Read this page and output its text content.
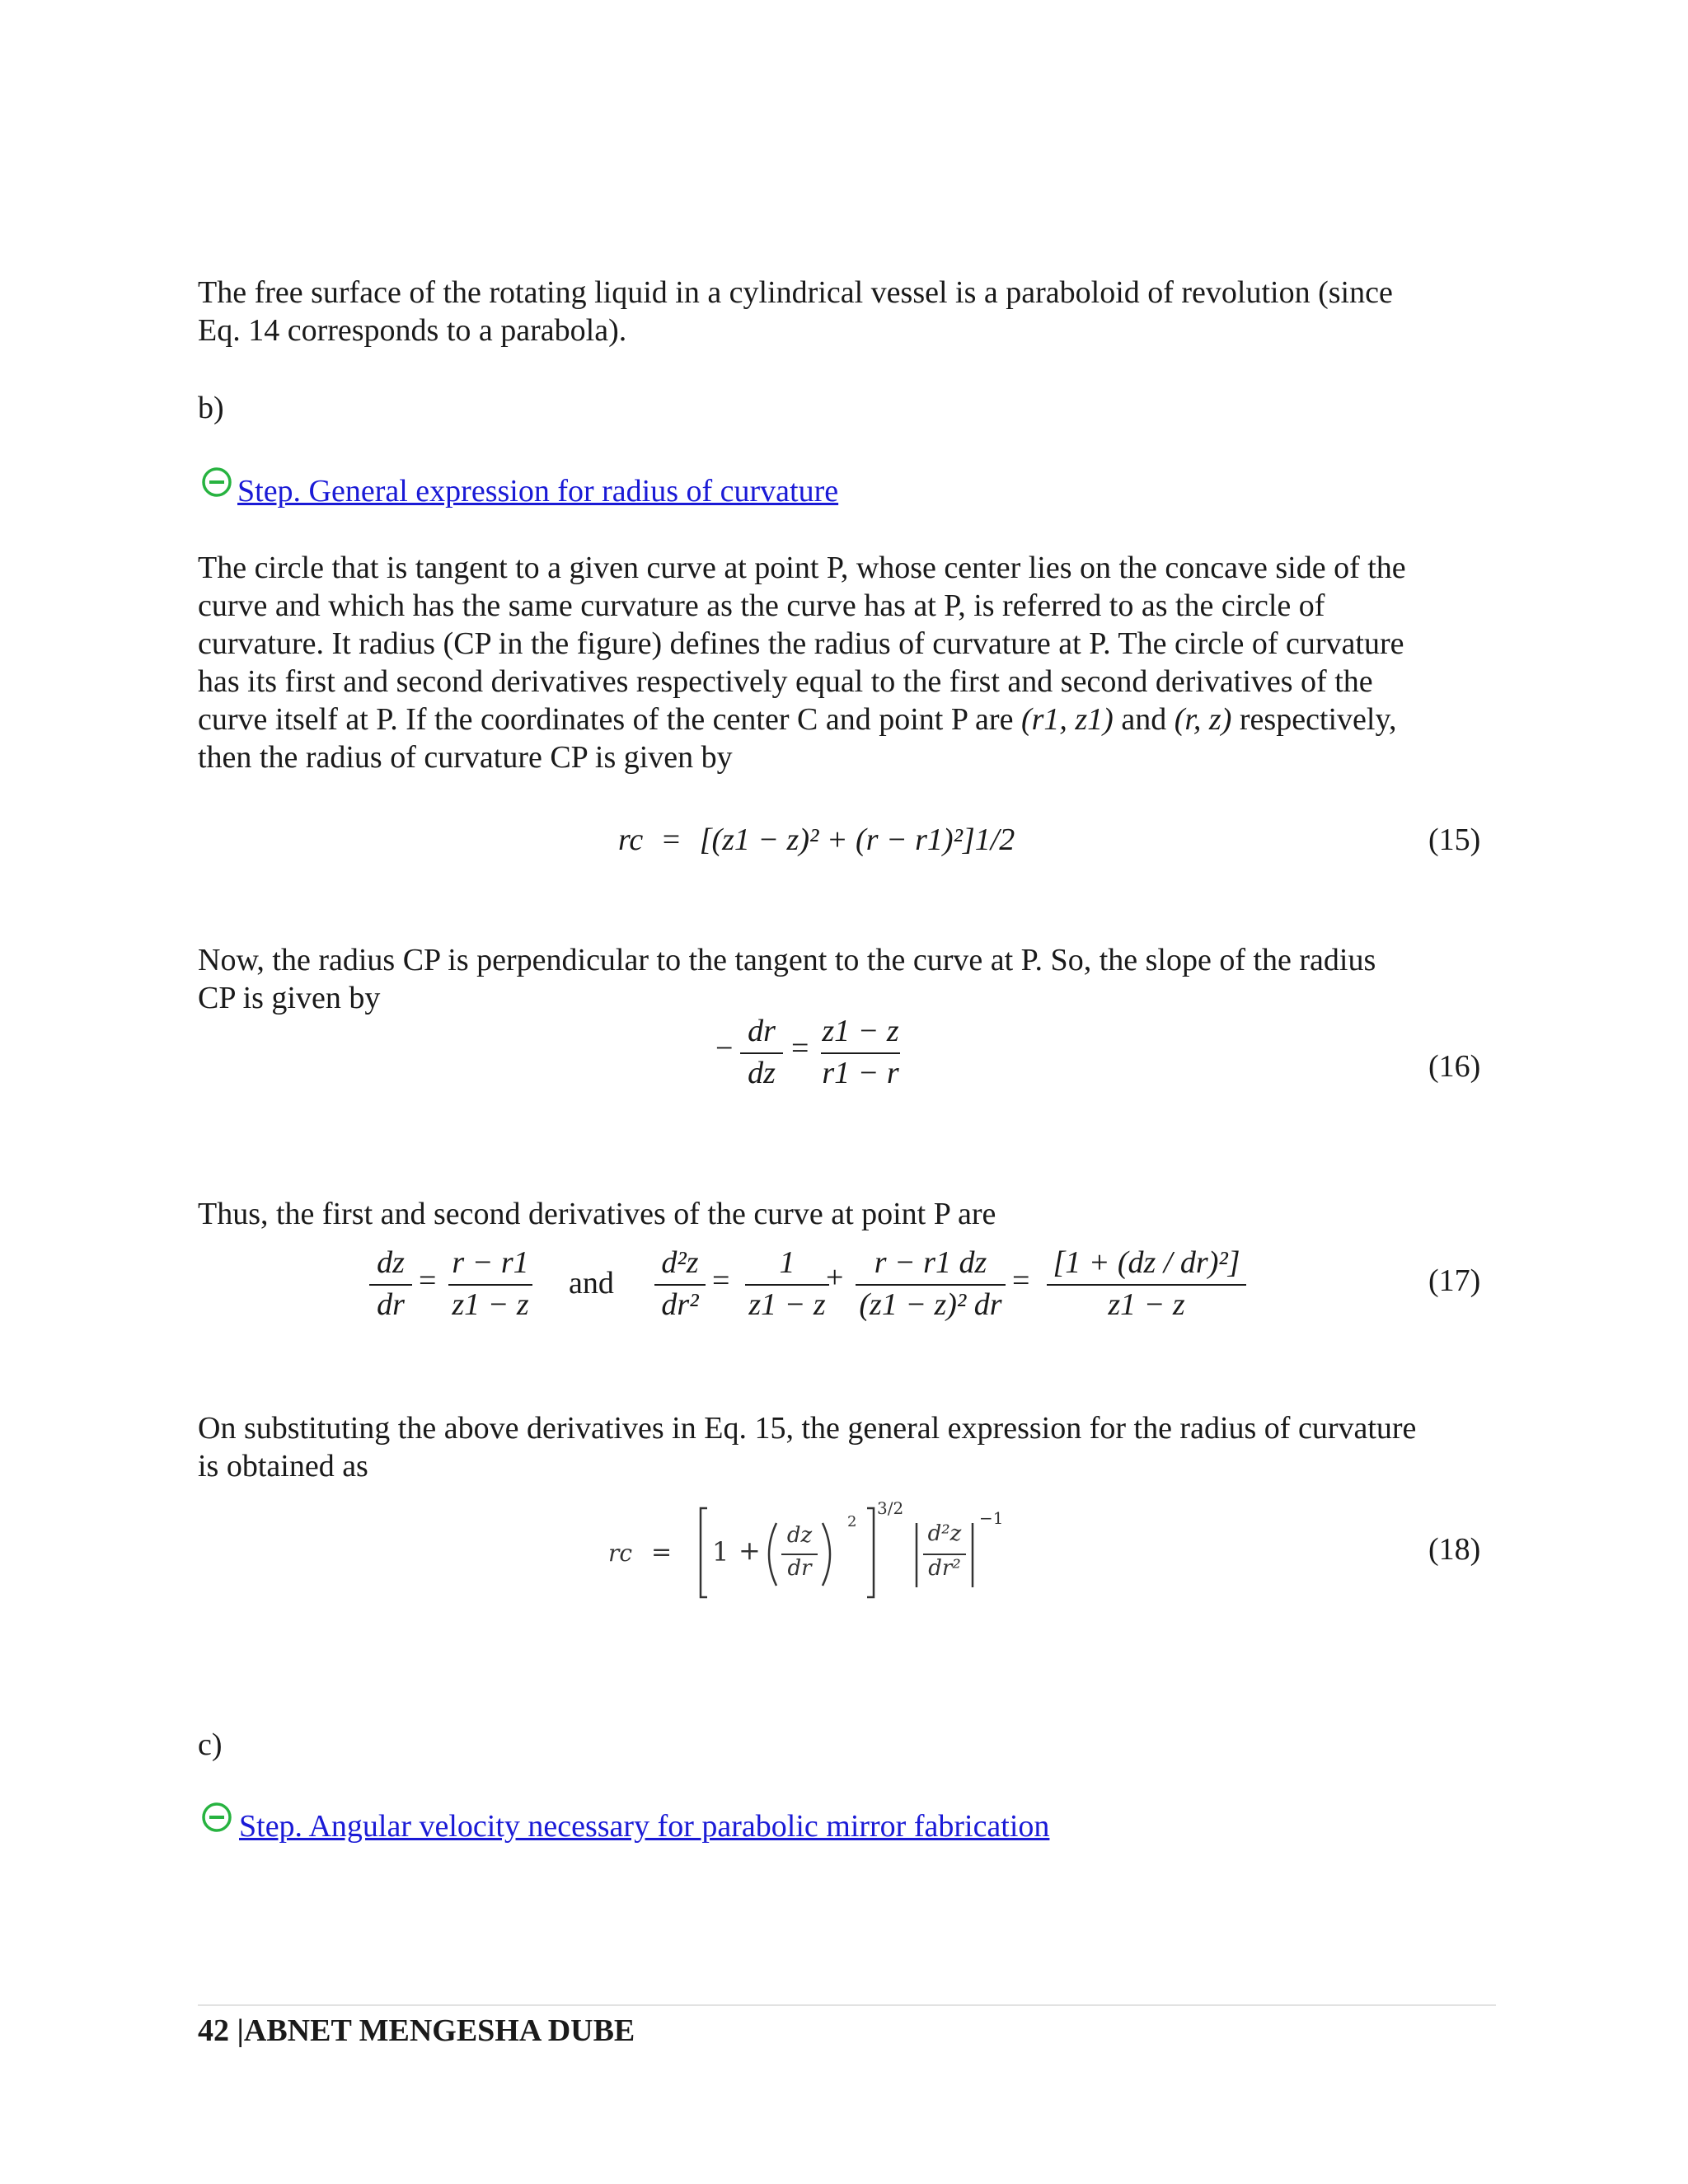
The free surface of the rotating liquid in a cylindrical vessel is a paraboloid of revolution (since
Eq. 14 corresponds to a parabola).
b)
Step. General expression for radius of curvature
The circle that is tangent to a given curve at point P, whose center lies on the concave side of the
curve and which has the same curvature as the curve has at P, is referred to as the circle of
curvature. It radius (CP in the figure) defines the radius of curvature at P. The circle of curvature
has its first and second derivatives respectively equal to the first and second derivatives of the
curve itself at P. If the coordinates of the center C and point P are (r1, z1) and (r, z) respectively,
then the radius of curvature CP is given by
rc = [(z1 − z)² + (r − r1)²]1/2	(15)
Now, the radius CP is perpendicular to the tangent to the curve at P. So, the slope of the radius
CP is given by
− dr
dz
= z1 − z
r1 − r	(16)
Thus, the first and second derivatives of the curve at point P are
dz
dr
=
r − r1
z1 − z
and
d²z
dr²
=
1
z1 − z
+ r − r1 dz
(z1 − z)² dr
=
[1 + (dz / dr)²]
z1 − z
(17)
On substituting the above derivatives in Eq. 15, the general expression for the radius of curvature
is obtained as
rc = 1 +	dz
dr
2
3/2
d²z
dr²
−1
(18)
c)
Step. Angular velocity necessary for parabolic mirror fabrication
42 |ABNET MENGESHA DUBE
